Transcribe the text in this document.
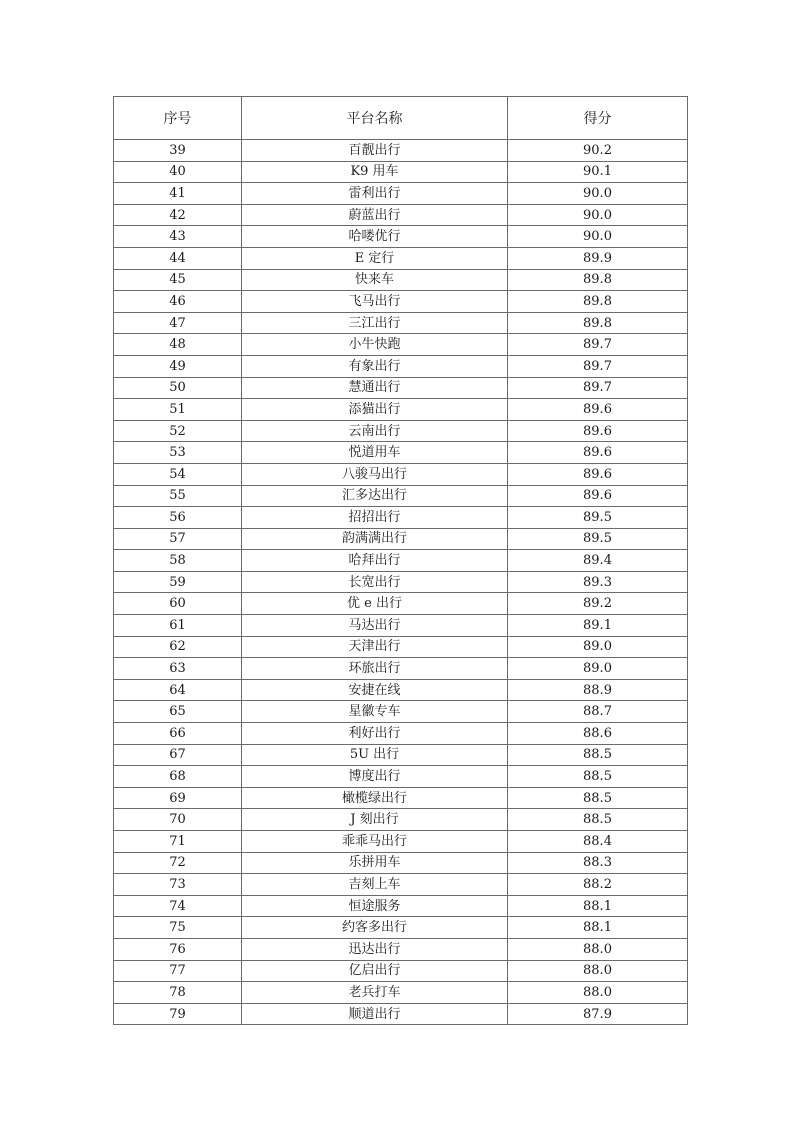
序号	平台名称	得分
39	百靓出行	90.2
40	K9 用车	90.1
41	雷利出行	90.0
42	蔚蓝出行	90.0
43	哈喽优行	90.0
44	E 定行	89.9
45	快来车	89.8
46	飞马出行	89.8
47	三江出行	89.8
48	小牛快跑	89.7
49	有象出行	89.7
50	慧通出行	89.7
51	添猫出行	89.6
52	云南出行	89.6
53	悦道用车	89.6
54	八骏马出行	89.6
55	汇多达出行	89.6
56	招招出行	89.5
57	韵满满出行	89.5
58	哈拜出行	89.4
59	长宽出行	89.3
60	优 e 出行	89.2
61	马达出行	89.1
62	天津出行	89.0
63	环旅出行	89.0
64	安捷在线	88.9
65	星徽专车	88.7
66	利好出行	88.6
67	5U 出行	88.5
68	博度出行	88.5
69	橄榄绿出行	88.5
70	J 刻出行	88.5
71	乖乖马出行	88.4
72	乐拼用车	88.3
73	吉刻上车	88.2
74	恒途服务	88.1
75	约客多出行	88.1
76	迅达出行	88.0
77	亿启出行	88.0
78	老兵打车	88.0
79	顺道出行	87.9
